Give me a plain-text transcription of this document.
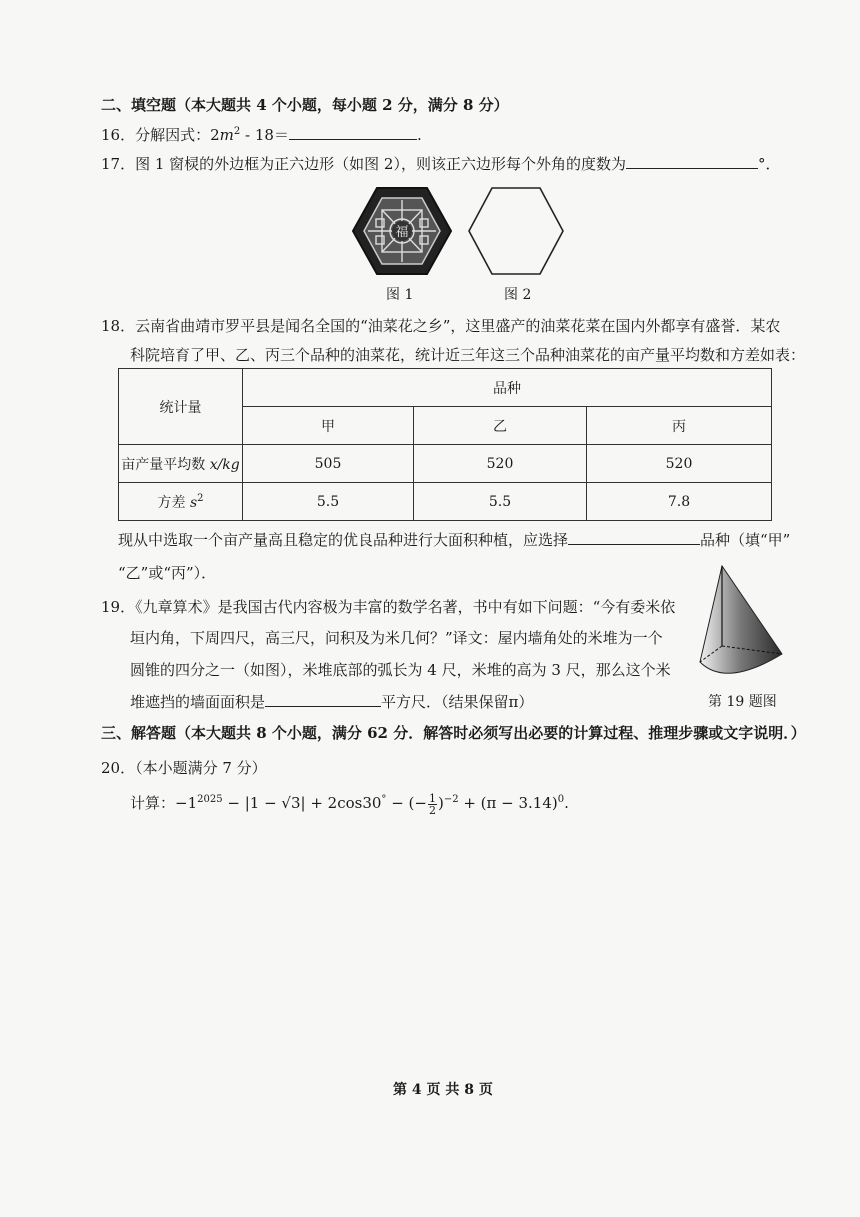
二、填空题（本大题共 4 个小题，每小题 2 分，满分 8 分）
16．分解因式：$2m^2 - 18=$	.
17．图 1 窗棂的外边框为正六边形（如图 2），则该正六边形每个外角的度数为	°．
福
图 1	图 2
18．云南省曲靖市罗平县是闻名全国的“油菜花之乡”，这里盛产的油菜花菜在国内外都享有盛誉．某农
科院培育了甲、乙、丙三个品种的油菜花，统计近三年这三个品种油菜花的亩产量平均数和方差如表：
统计量	品种		
	甲	乙	丙
亩产量平均数 x/kg	505	520	520
方差 $s^2$	5.5	5.5	7.8
现从中选取一个亩产量高且稳定的优良品种进行大面积种植，应选择	品种（填“甲”
“乙”或“丙”）．
19．《九章算术》是我国古代内容极为丰富的数学名著，书中有如下问题：“今有委米依
垣内角，下周四尺，高三尺，问积及为米几何？”译文：屋内墙角处的米堆为一个
圆锥的四分之一（如图），米堆底部的弧长为 4 尺，米堆的高为 3 尺，那么这个米
堆遮挡的墙面面积是	平方尺．（结果保留π）	第 19 题图
三、解答题（本大题共 8 个小题，满分 62 分．解答时必须写出必要的计算过程、推理步骤或文字说明．）
20．（本小题满分 7 分）
计算：$-1^{2025} - |1 - √3| + 2\cos 30^\circ$ − (− $\frac{1}{2} )^{-2} + (\pi - 3.14)^0$.
第 4 页 共 8 页
